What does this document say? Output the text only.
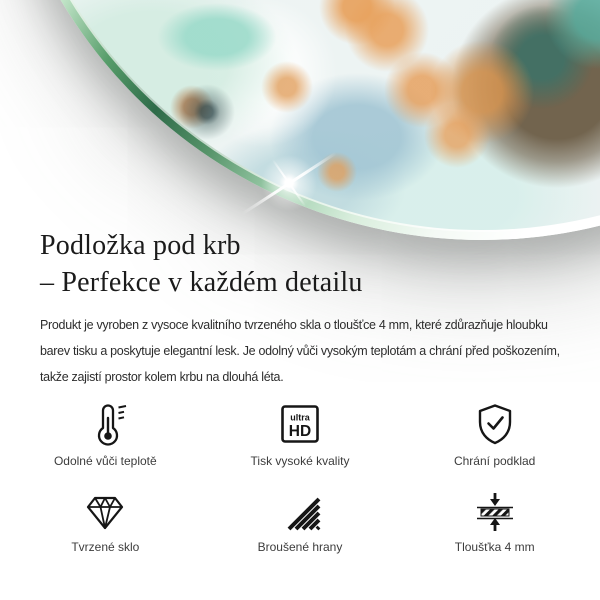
Podložka pod krb
– Perfekce v každém detailu
Produkt je vyroben z vysoce kvalitního tvrzeného skla o tloušťce 4 mm, které zdůrazňuje hloubku
barev tisku a poskytuje elegantní lesk. Je odolný vůči vysokým teplotám a chrání před poškozením,
takže zajistí prostor kolem krbu na dlouhá léta.
Odolné vůči teplotě
ultra
HD
Tisk vysoké kvality	Chrání podklad
Tvrzené sklo	Broušené hrany	Tloušťka 4 mm
